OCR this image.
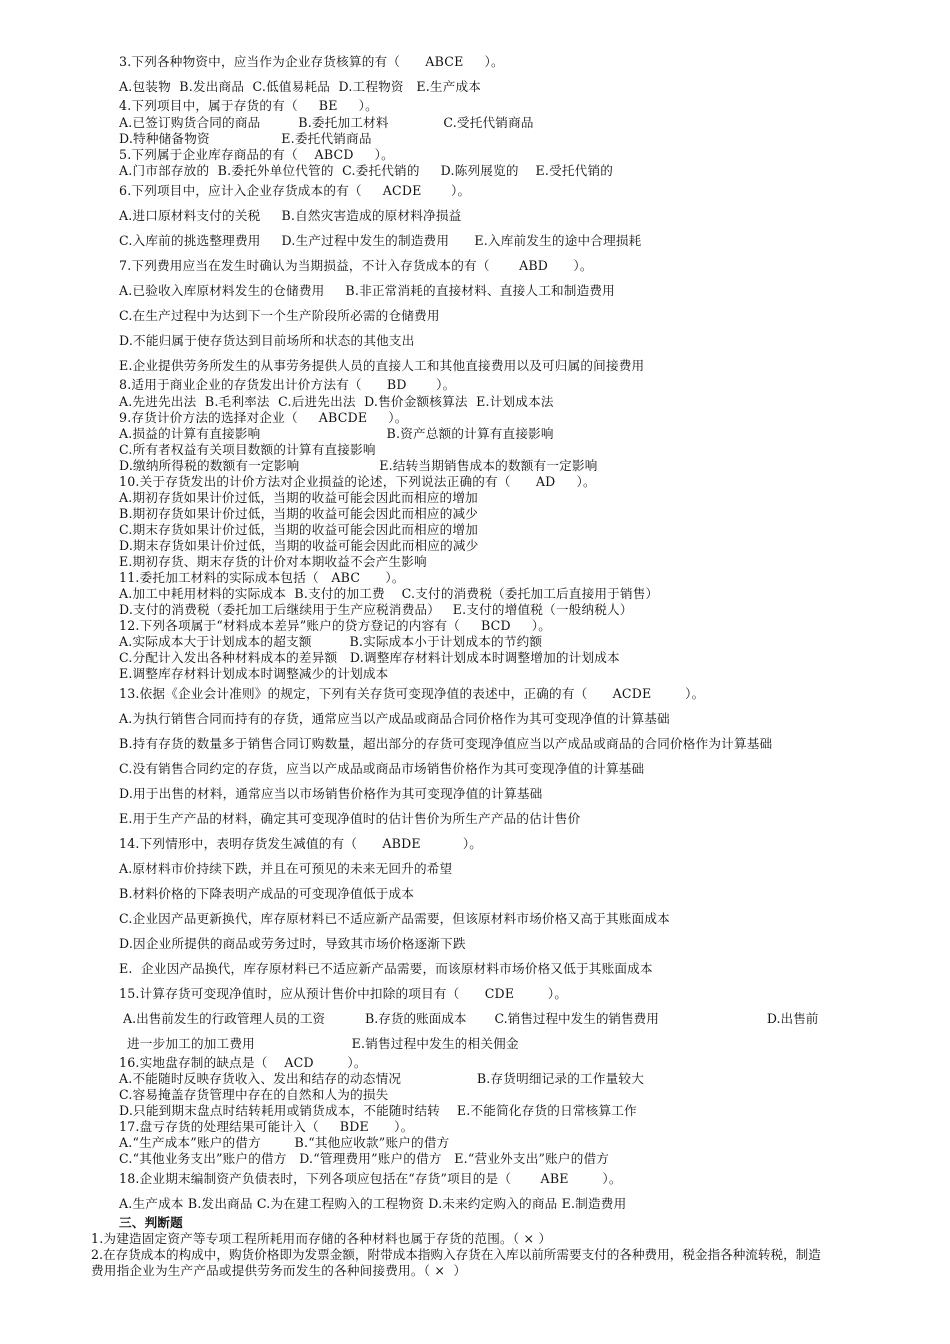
3.下列各种物资中，应当作为企业存货核算的有（      ABCE     ）。
A.包装物  B.发出商品  C.低值易耗品  D.工程物资   E.生产成本
4.下列项目中，属于存货的有（     BE     ）。
A.已签订购货合同的商品         B.委托加工材料             C.受托代销商品
D.特种储备物资                 E.委托代销商品
5.下列属于企业库存商品的有（    ABCD     ）。
A.门市部存放的  B.委托外单位代管的  C.委托代销的     D.陈列展览的    E.受托代销的
6.下列项目中，应计入企业存货成本的有（     ACDE       ）。
A.进口原材料支付的关税     B.自然灾害造成的原材料净损益
C.入库前的挑选整理费用     D.生产过程中发生的制造费用      E.入库前发生的途中合理损耗
7.下列费用应当在发生时确认为当期损益，不计入存货成本的有（       ABD      ）。
A.已验收入库原材料发生的仓储费用     B.非正常消耗的直接材料、直接人工和制造费用
C.在生产过程中为达到下一个生产阶段所必需的仓储费用
D.不能归属于使存货达到目前场所和状态的其他支出
E.企业提供劳务所发生的从事劳务提供人员的直接人工和其他直接费用以及可归属的间接费用
8.适用于商业企业的存货发出计价方法有（      BD       ）。
A.先进先出法  B.毛利率法  C.后进先出法  D.售价金额核算法  E.计划成本法
9.存货计价方法的选择对企业（     ABCDE     ）。
A.损益的计算有直接影响                              B.资产总额的计算有直接影响
C.所有者权益有关项目数额的计算有直接影响
D.缴纳所得税的数额有一定影响                   E.结转当期销售成本的数额有一定影响
10.关于存货发出的计价方法对企业损益的论述，下列说法正确的有（      AD     ）。
A.期初存货如果计价过低，当期的收益可能会因此而相应的增加
B.期初存货如果计价过低，当期的收益可能会因此而相应的减少
C.期末存货如果计价过低，当期的收益可能会因此而相应的增加
D.期末存货如果计价过低，当期的收益可能会因此而相应的减少
E.期初存货、期末存货的计价对本期收益不会产生影响
11.委托加工材料的实际成本包括（   ABC      ）。
A.加工中耗用材料的实际成本  B.支付的加工费    C.支付的消费税（委托加工后直接用于销售）
D.支付的消费税（委托加工后继续用于生产应税消费品）   E.支付的增值税（一般纳税人）
12.下列各项属于“材料成本差异”账户的贷方登记的内容有（     BCD     ）。
A.实际成本大于计划成本的超支额         B.实际成本小于计划成本的节约额
C.分配计入发出各种材料成本的差异额   D.调整库存材料计划成本时调整增加的计划成本
E.调整库存材料计划成本时调整减少的计划成本
13.依据《企业会计准则》的规定，下列有关存货可变现净值的表述中，正确的有（      ACDE        ）。
A.为执行销售合同而持有的存货，通常应当以产成品或商品合同价格作为其可变现净值的计算基础
B.持有存货的数量多于销售合同订购数量，超出部分的存货可变现净值应当以产成品或商品的合同价格作为计算基础
C.没有销售合同约定的存货，应当以产成品或商品市场销售价格作为其可变现净值的计算基础
D.用于出售的材料，通常应当以市场销售价格作为其可变现净值的计算基础
E.用于生产产品的材料，确定其可变现净值时的估计售价为所生产产品的估计售价
14.下列情形中，表明存货发生减值的有（      ABDE          ）。
A.原材料市价持续下跌，并且在可预见的未来无回升的希望
B.材料价格的下降表明产成品的可变现净值低于成本
C.企业因产品更新换代，库存原材料已不适应新产品需要，但该原材料市场价格又高于其账面成本
D.因企业所提供的商品或劳务过时，导致其市场价格逐渐下跌
E.  企业因产品换代，库存原材料已不适应新产品需要，而该原材料市场价格又低于其账面成本
15.计算存货可变现净值时，应从预计售价中扣除的项目有（      CDE        ）。
A.出售前发生的行政管理人员的工资          B.存货的账面成本       C.销售过程中发生的销售费用                           D.出售前
进一步加工的加工费用                       E.销售过程中发生的相关佣金
16.实地盘存制的缺点是（    ACD        ）。
A.不能随时反映存货收入、发出和结存的动态情况                  B.存货明细记录的工作量较大
C.容易掩盖存货管理中存在的自然和人为的损失
D.只能到期末盘点时结转耗用或销货成本，不能随时结转    E.不能简化存货的日常核算工作
17.盘亏存货的处理结果可能计入（     BDE      ）。
A.“生产成本”账户的借方        B.“其他应收款”账户的借方
C.“其他业务支出”账户的借方   D.“管理费用”账户的借方   E.“营业外支出”账户的借方
18.企业期末编制资产负债表时，下列各项应包括在“存货”项目的是（       ABE        ）。
A.生产成本 B.发出商品 C.为在建工程购入的工程物资 D.未来约定购入的商品 E.制造费用
三、判断题
1.为建造固定资产等专项工程所耗用而存储的各种材料也属于存货的范围。（ × ）
2.在存货成本的构成中，购货价格即为发票金额，附带成本指购入存货在入库以前所需要支付的各种费用，税金指各种流转税，制造
费用指企业为生产产品或提供劳务而发生的各种间接费用。（ ×  ）
